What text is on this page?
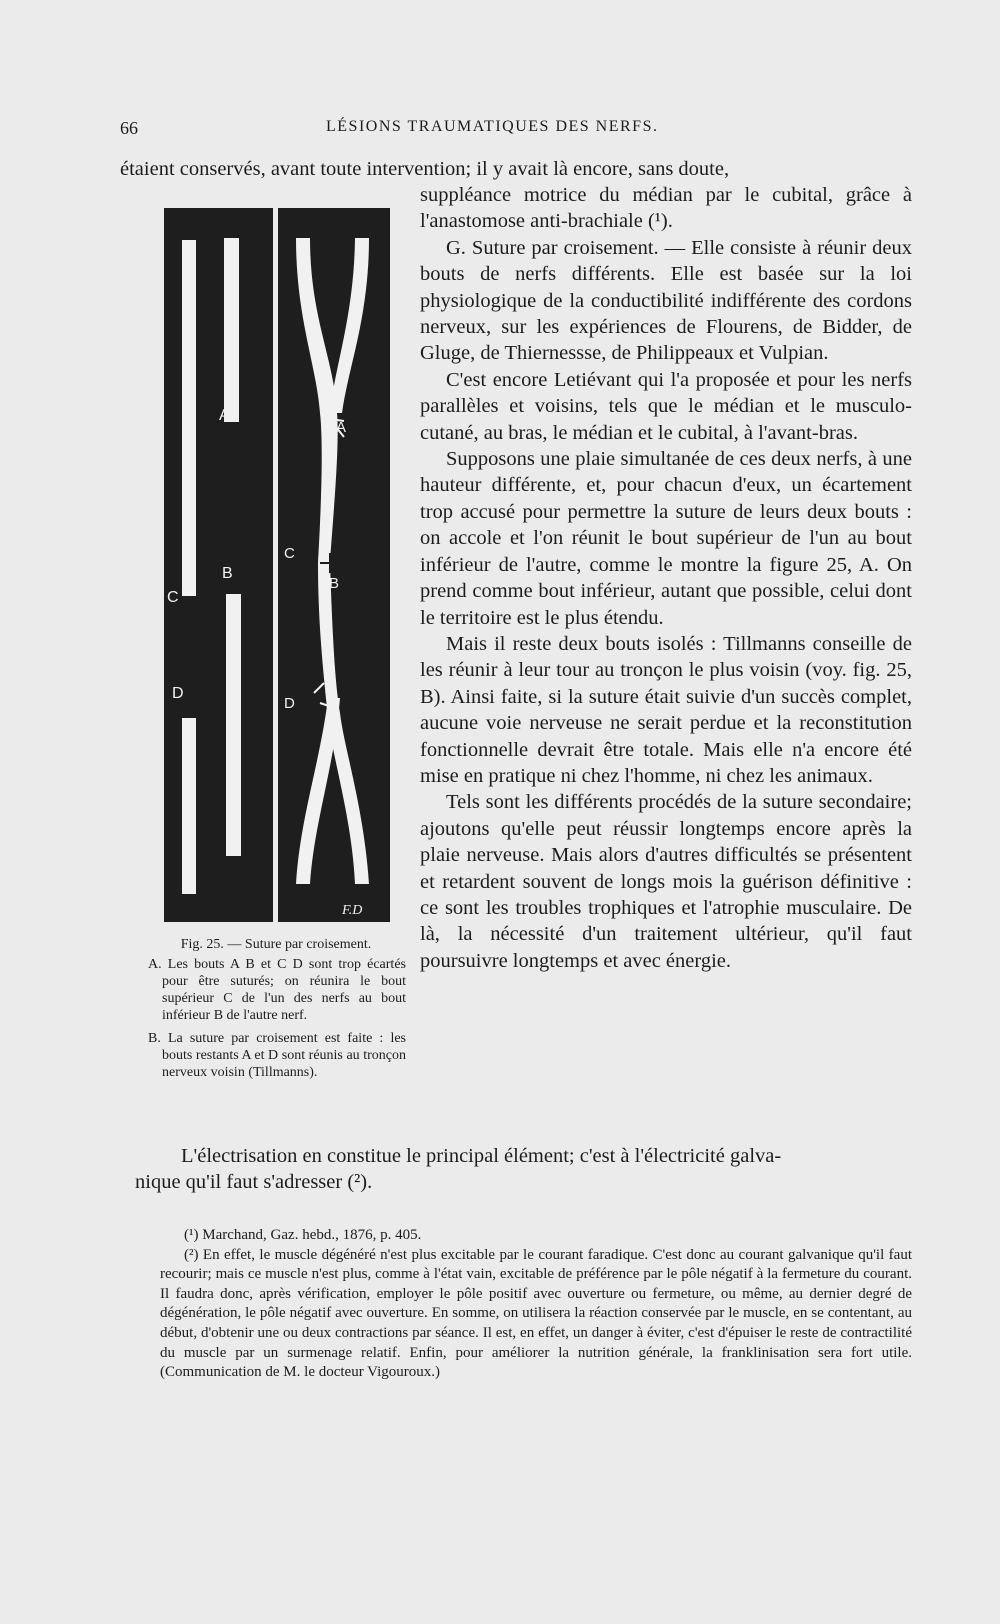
66	LÉSIONS TRAUMATIQUES DES NERFS.

étaient conservés, avant toute intervention; il y avait là encore, sans doute,

suppléance motrice du médian par le cubital, grâce à l'anastomose anti-brachiale (¹).

G. Suture par croisement. — Elle consiste à réunir deux bouts de nerfs différents. Elle est basée sur la loi physiologique de la conductibilité indifférente des cordons nerveux, sur les expériences de Flourens, de Bidder, de Gluge, de Thiernessse, de Philippeaux et Vulpian.

C'est encore Letiévant qui l'a proposée et pour les nerfs parallèles et voisins, tels que le médian et le musculo-cutané, au bras, le médian et le cubital, à l'avant-bras.

Supposons une plaie simultanée de ces deux nerfs, à une hauteur différente, et, pour chacun d'eux, un écartement trop accusé pour permettre la suture de leurs deux bouts : on accole et l'on réunit le bout supérieur de l'un au bout inférieur de l'autre, comme le montre la figure 25, A. On prend comme bout inférieur, autant que possible, celui dont le territoire est le plus étendu.

Mais il reste deux bouts isolés : Tillmanns conseille de les réunir à leur tour au tronçon le plus voisin (voy. fig. 25, B). Ainsi faite, si la suture était suivie d'un succès complet, aucune voie nerveuse ne serait perdue et la reconstitution fonctionnelle devrait être totale. Mais elle n'a encore été mise en pratique ni chez l'homme, ni chez les animaux.

Tels sont les différents procédés de la suture secondaire; ajoutons qu'elle peut réussir longtemps encore après la plaie nerveuse. Mais alors d'autres difficultés se présentent et retardent souvent de longs mois la guérison définitive : ce sont les troubles trophiques et l'atrophie musculaire. De là, la nécessité d'un traitement ultérieur, qu'il faut poursuivre longtemps et avec énergie.

A
B
C
D
A
B
C
D
F.D

Fig. 25. — Suture par croisement.

A. Les bouts A B et C D sont trop écartés pour être suturés; on réunira le bout supérieur C de l'un des nerfs au bout inférieur B de l'autre nerf.

B. La suture par croisement est faite : les bouts restants A et D sont réunis au tronçon nerveux voisin (Tillmanns).

L'électrisation en constitue le principal élément; c'est à l'électricité galva-

nique qu'il faut s'adresser (²).

(¹) Marchand, Gaz. hebd., 1876, p. 405.

(²) En effet, le muscle dégénéré n'est plus excitable par le courant faradique. C'est donc au courant galvanique qu'il faut recourir; mais ce muscle n'est plus, comme à l'état vain, excitable de préférence par le pôle négatif à la fermeture du courant. Il faudra donc, après vérification, employer le pôle positif avec ouverture ou fermeture, ou même, au dernier degré de dégénération, le pôle négatif avec ouverture. En somme, on utilisera la réaction conservée par le muscle, en se contentant, au début, d'obtenir une ou deux contractions par séance. Il est, en effet, un danger à éviter, c'est d'épuiser le reste de contractilité du muscle par un surmenage relatif. Enfin, pour améliorer la nutrition générale, la franklinisation sera fort utile. (Communication de M. le docteur Vigouroux.)
